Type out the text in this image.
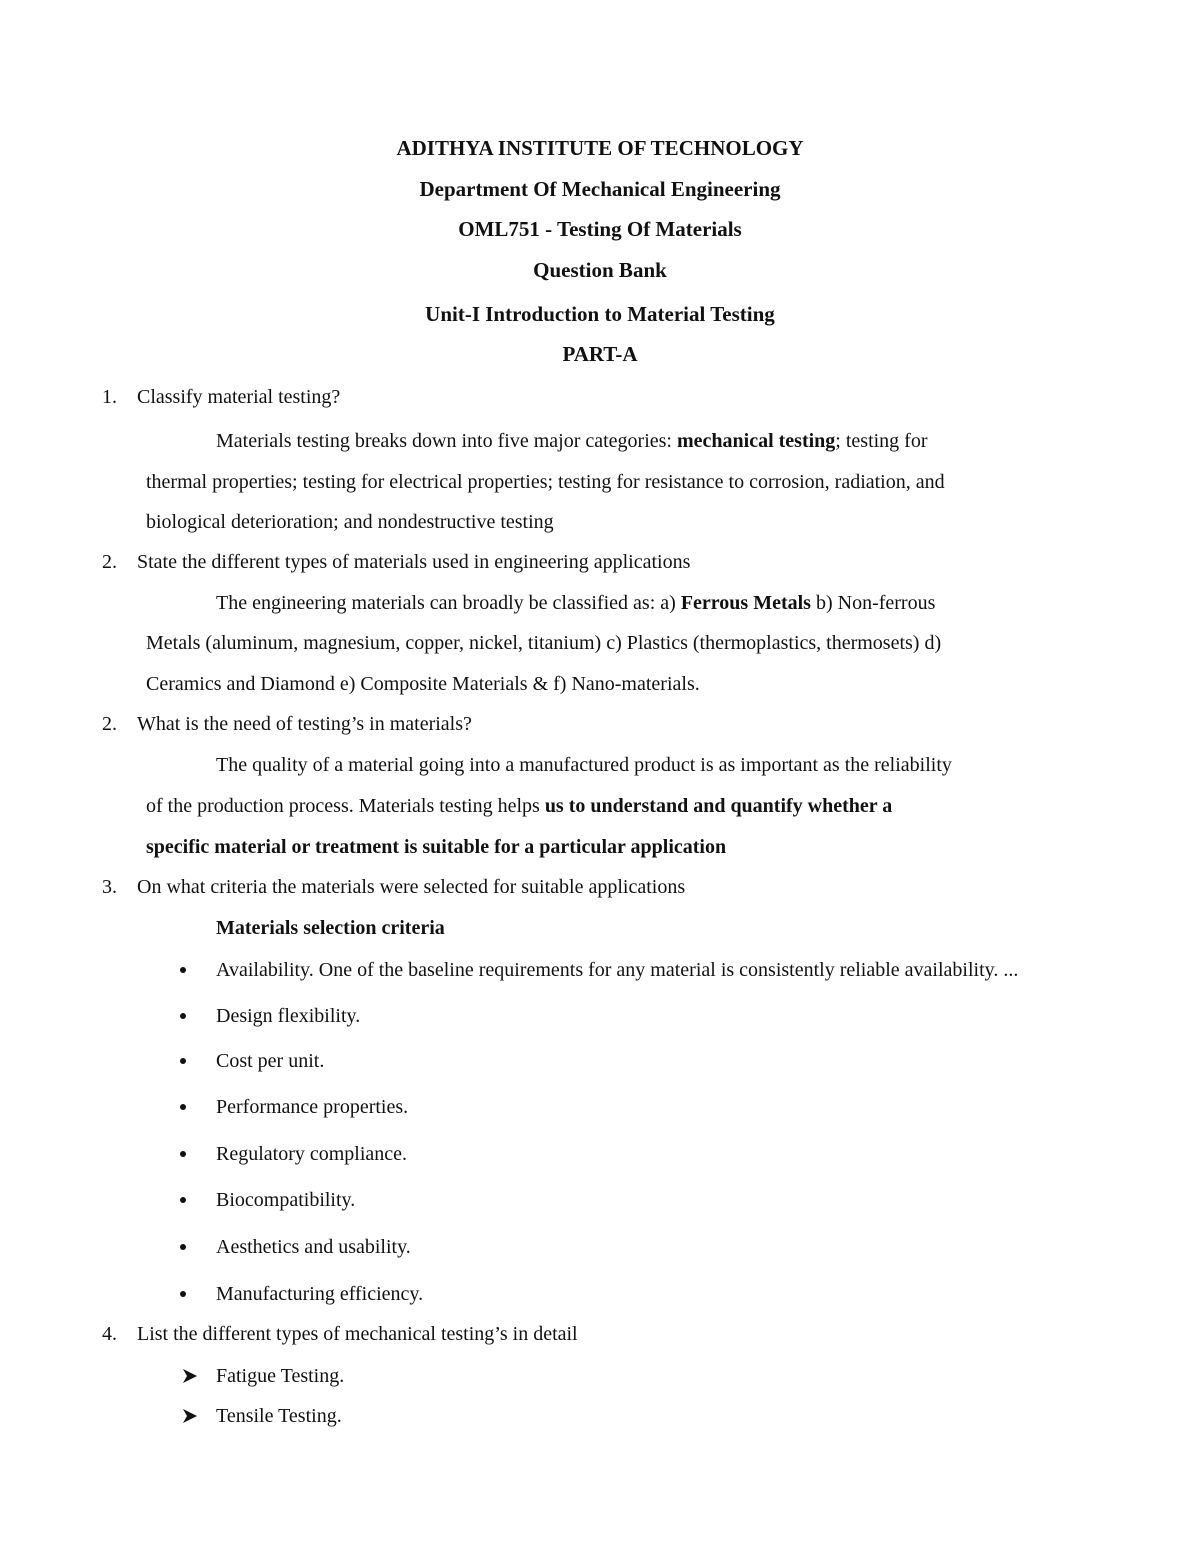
ADITHYA INSTITUTE OF TECHNOLOGY
Department Of Mechanical Engineering
OML751 - Testing Of Materials
Question Bank
Unit-I Introduction to Material Testing
PART-A
1. Classify material testing?
Materials testing breaks down into five major categories: mechanical testing; testing for
thermal properties; testing for electrical properties; testing for resistance to corrosion, radiation, and
biological deterioration; and nondestructive testing
2. State the different types of materials used in engineering applications
The engineering materials can broadly be classified as: a) Ferrous Metals b) Non-ferrous
Metals (aluminum, magnesium, copper, nickel, titanium) c) Plastics (thermoplastics, thermosets) d)
Ceramics and Diamond e) Composite Materials & f) Nano-materials.
2. What is the need of testing’s in materials?
The quality of a material going into a manufactured product is as important as the reliability
of the production process. Materials testing helps us to understand and quantify whether a
specific material or treatment is suitable for a particular application
3. On what criteria the materials were selected for suitable applications
Materials selection criteria
Availability. One of the baseline requirements for any material is consistently reliable availability. ...
Design flexibility.
Cost per unit.
Performance properties.
Regulatory compliance.
Biocompatibility.
Aesthetics and usability.
Manufacturing efficiency.
4. List the different types of mechanical testing’s in detail
Fatigue Testing.
Tensile Testing.
